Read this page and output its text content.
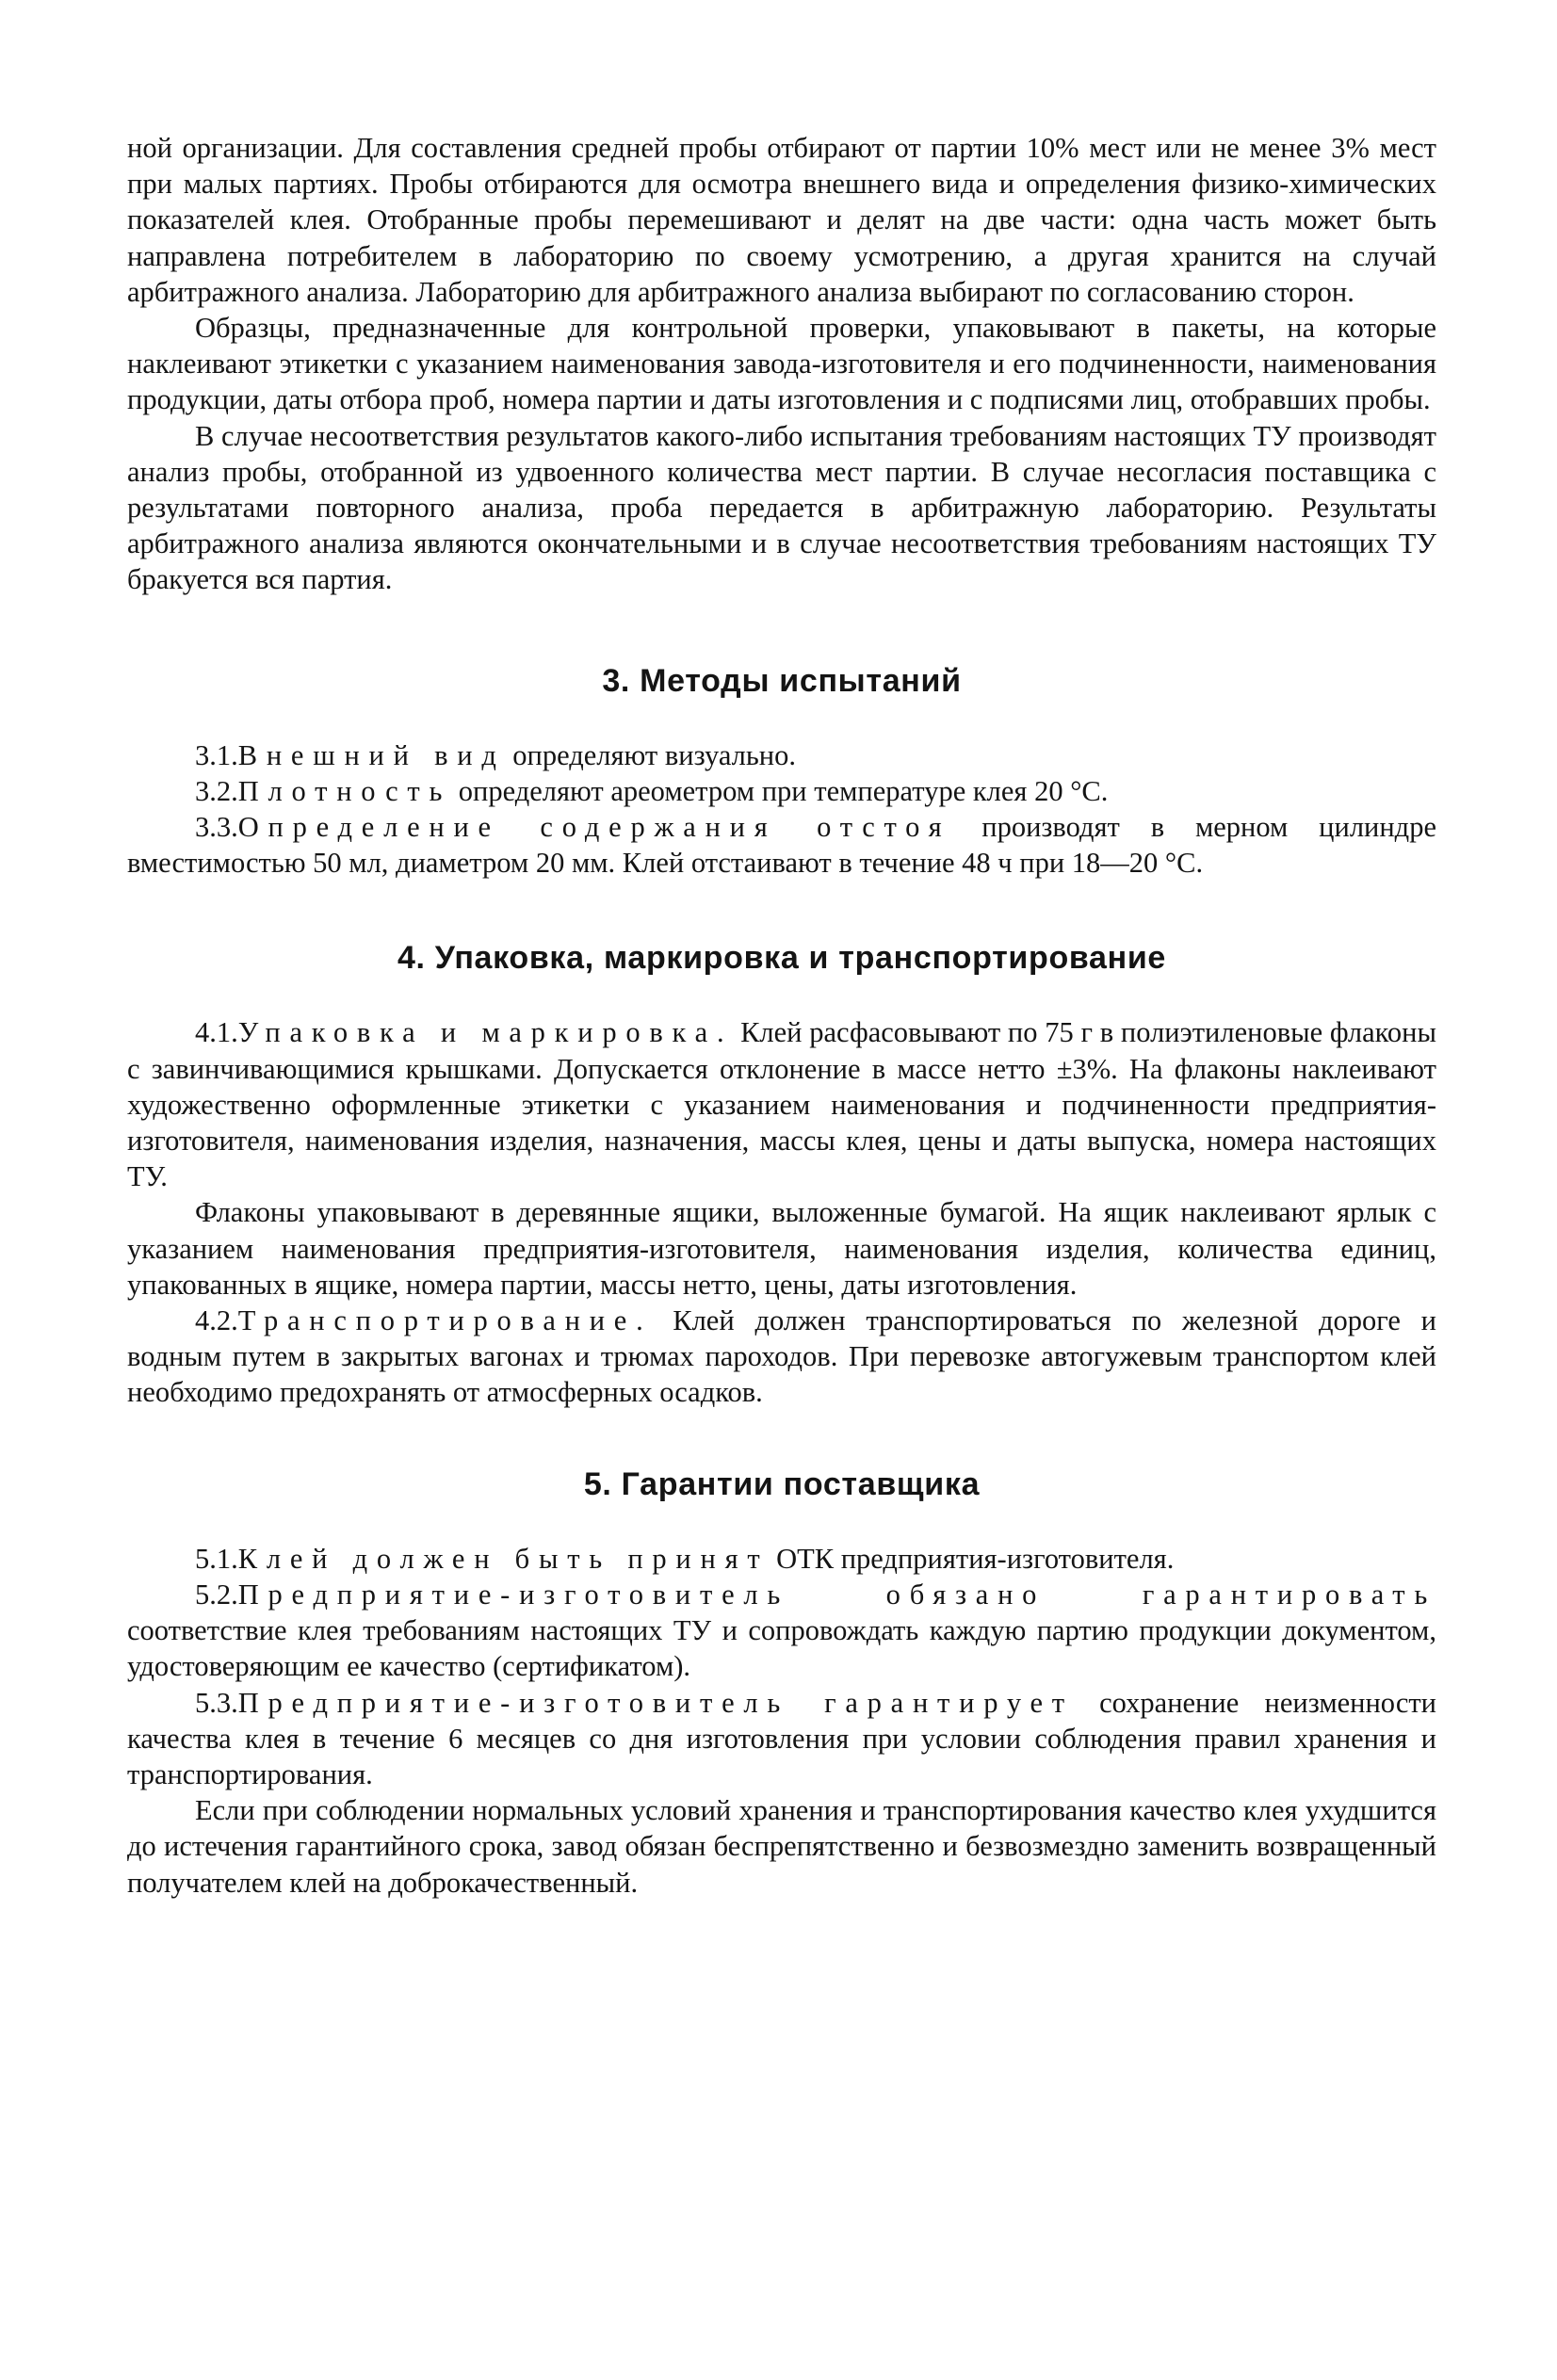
ной организации. Для составления средней пробы отбирают от партии 10% мест или не менее 3% мест при малых партиях. Пробы отбираются для осмотра внешнего вида и определения физико-химических показателей клея. Отобранные пробы перемешивают и делят на две части: одна часть может быть направлена потребителем в лабораторию по своему усмотрению, а другая хранится на случай арбитражного анализа. Лабораторию для арбитражного анализа выбирают по согласованию сторон.

Образцы, предназначенные для контрольной проверки, упаковывают в пакеты, на которые наклеивают этикетки с указанием наименования завода-изготовителя и его подчиненности, наименования продукции, даты отбора проб, номера партии и даты изготовления и с подписями лиц, отобравших пробы.

В случае несоответствия результатов какого-либо испытания требованиям настоящих ТУ производят анализ пробы, отобранной из удвоенного количества мест партии. В случае несогласия поставщика с результатами повторного анализа, проба передается в арбитражную лабораторию. Результаты арбитражного анализа являются окончательными и в случае несоответствия требованиям настоящих ТУ бракуется вся партия.

3. Методы испытаний

3.1.Внешний вид определяют визуально.

3.2.Плотность определяют ареометром при температуре клея 20 °С.

3.3.Определение содержания отстоя производят в мерном цилиндре вместимостью 50 мл, диаметром 20 мм. Клей отстаивают в течение 48 ч при 18—20 °С.

4. Упаковка, маркировка и транспортирование

4.1.Упаковка и маркировка. Клей расфасовывают по 75 г в полиэтиленовые флаконы с завинчивающимися крышками. Допускается отклонение в массе нетто ±3%. На флаконы наклеивают художественно оформленные этикетки с указанием наименования и подчиненности предприятия-изготовителя, наименования изделия, назначения, массы клея, цены и даты выпуска, номера настоящих ТУ.

Флаконы упаковывают в деревянные ящики, выложенные бумагой. На ящик наклеивают ярлык с указанием наименования предприятия-изготовителя, наименования изделия, количества единиц, упакованных в ящике, номера партии, массы нетто, цены, даты изготовления.

4.2.Транспортирование. Клей должен транспортироваться по железной дороге и водным путем в закрытых вагонах и трюмах пароходов. При перевозке автогужевым транспортом клей необходимо предохранять от атмосферных осадков.

5. Гарантии поставщика

5.1.Клей должен быть принят ОТК предприятия-изготовителя.

5.2.Предприятие-изготовитель обязано гарантировать соответствие клея требованиям настоящих ТУ и сопровождать каждую партию продукции документом, удостоверяющим ее качество (сертификатом).

5.3.Предприятие-изготовитель гарантирует сохранение неизменности качества клея в течение 6 месяцев со дня изготовления при условии соблюдения правил хранения и транспортирования.

Если при соблюдении нормальных условий хранения и транспортирования качество клея ухудшится до истечения гарантийного срока, завод обязан беспрепятственно и безвозмездно заменить возвращенный получателем клей на доброкачественный.
